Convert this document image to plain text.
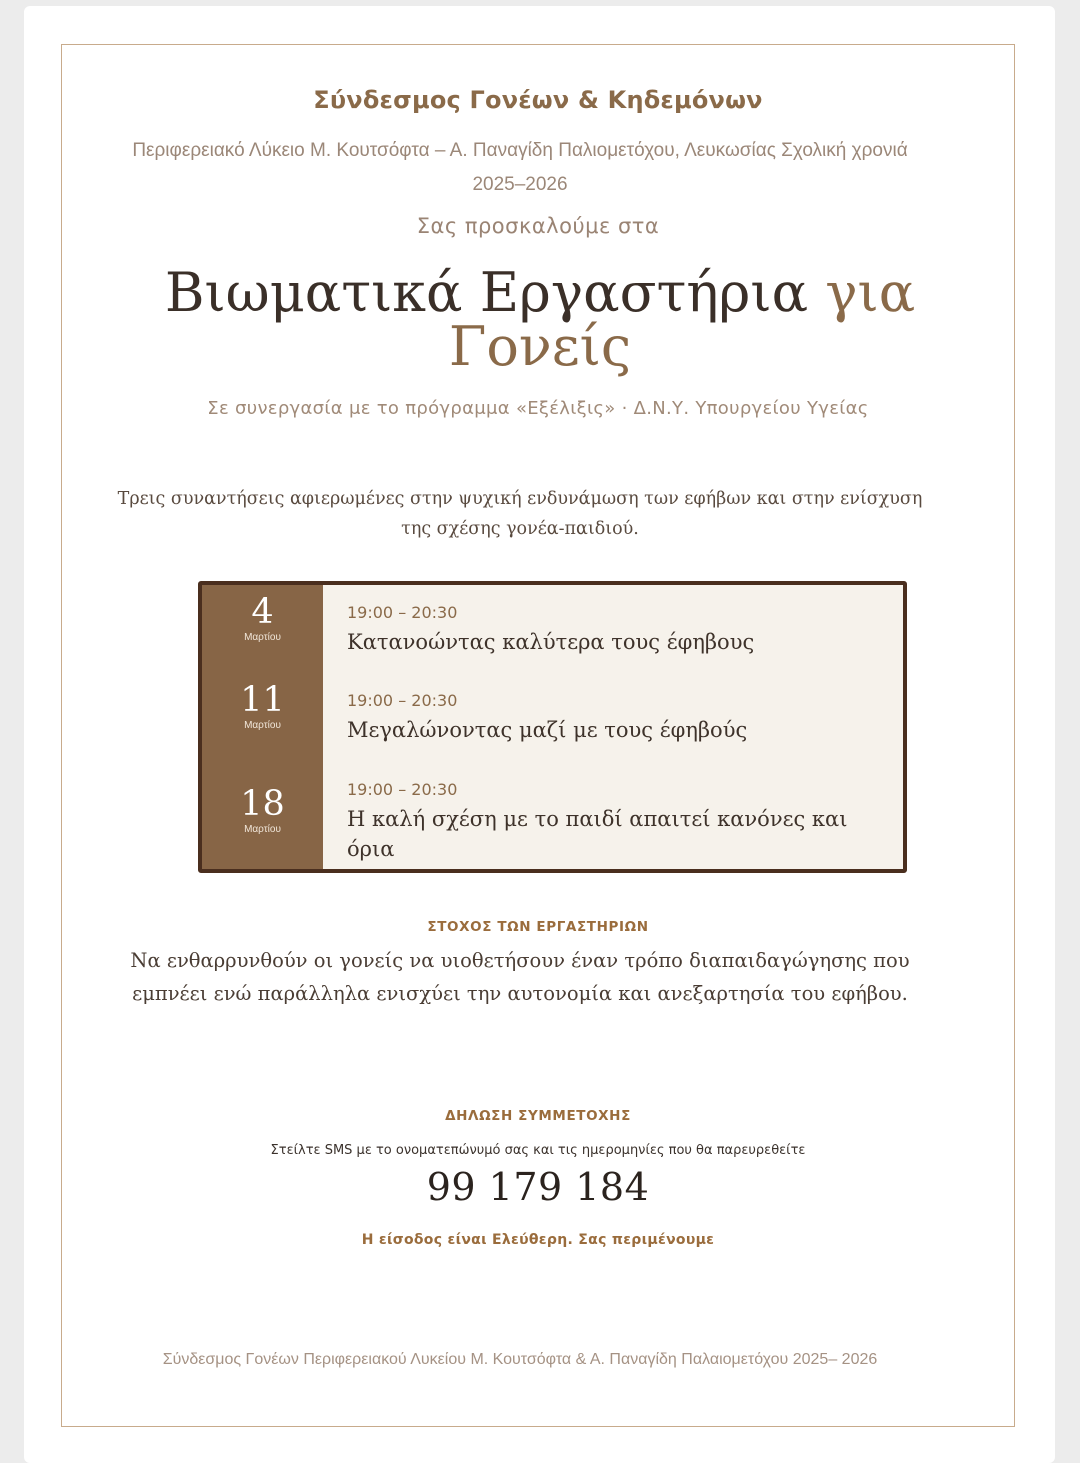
Σύνδεσμος Γονέων & Κηδεμόνων
Περιφερειακό Λύκειο Μ. Κουτσόφτα – Α. Παναγίδη Παλιομετόχου, Λευκωσίας Σχολική χρονιά 2025–2026
Σας προσκαλούμε στα
Βιωματικά Εργαστήρια για Γονείς
Σε συνεργασία με το πρόγραμμα «Εξέλιξις» · Δ.Ν.Υ. Υπουργείου Υγείας
Τρεις συναντήσεις αφιερωμένες στην ψυχική ενδυνάμωση των εφήβων και στην ενίσχυση της σχέσης γονέα-παιδιού.
4
Μαρτίου
19:00 – 20:30
Κατανοώντας καλύτερα τους έφηβους
11
Μαρτίου
19:00 – 20:30
Μεγαλώνοντας μαζί με τους έφηβούς
18
Μαρτίου
19:00 – 20:30
Η καλή σχέση με το παιδί απαιτεί κανόνες και όρια
ΣΤΟΧΟΣ ΤΩΝ ΕΡΓΑΣΤΗΡΙΩΝ
Να ενθαρρυνθούν οι γονείς να υιοθετήσουν έναν τρόπο διαπαιδαγώγησης που εμπνέει ενώ παράλληλα ενισχύει την αυτονομία και ανεξαρτησία του εφήβου.
ΔΗΛΩΣΗ ΣΥΜΜΕΤΟΧΗΣ
Στείλτε SMS με το ονοματεπώνυμό σας και τις ημερομηνίες που θα παρευρεθείτε
99 179 184
Η είσοδος είναι Ελεύθερη. Σας περιμένουμε
Σύνδεσμος Γονέων Περιφερειακού Λυκείου Μ. Κουτσόφτα & Α. Παναγίδη Παλαιομετόχου 2025– 2026
